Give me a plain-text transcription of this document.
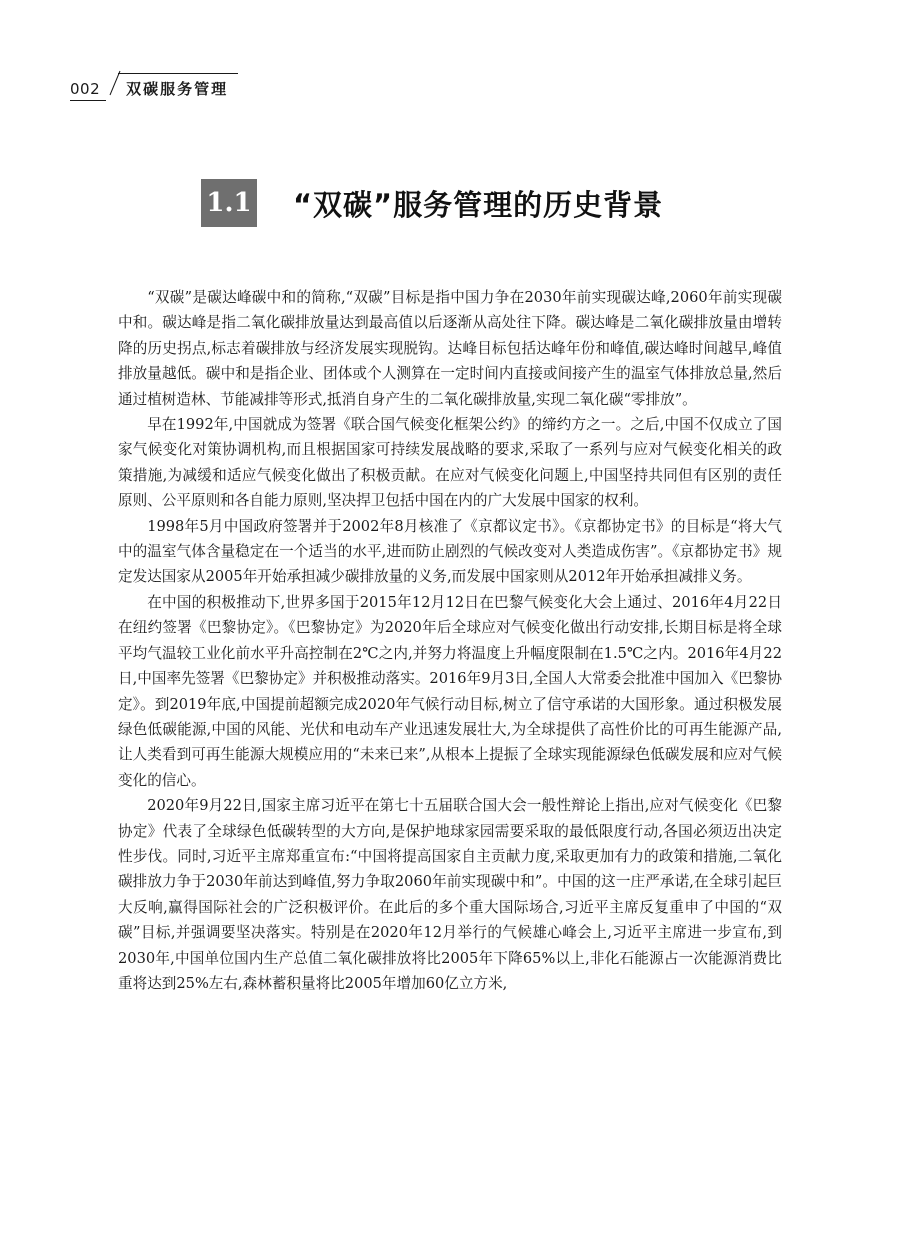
002	双碳服务管理
1.1 “双碳”服务管理的历史背景

“双碳”是碳达峰碳中和的简称,“双碳”目标是指中国力争在2030年前实现碳达峰,2060年前实现碳中和。碳达峰是指二氧化碳排放量达到最高值以后逐渐从高处往下降。碳达峰是二氧化碳排放量由增转降的历史拐点,标志着碳排放与经济发展实现脱钩。达峰目标包括达峰年份和峰值,碳达峰时间越早,峰值排放量越低。碳中和是指企业、团体或个人测算在一定时间内直接或间接产生的温室气体排放总量,然后通过植树造林、节能减排等形式,抵消自身产生的二氧化碳排放量,实现二氧化碳“零排放”。

早在1992年,中国就成为签署《联合国气候变化框架公约》的缔约方之一。之后,中国不仅成立了国家气候变化对策协调机构,而且根据国家可持续发展战略的要求,采取了一系列与应对气候变化相关的政策措施,为减缓和适应气候变化做出了积极贡献。在应对气候变化问题上,中国坚持共同但有区别的责任原则、公平原则和各自能力原则,坚决捍卫包括中国在内的广大发展中国家的权利。

1998年5月中国政府签署并于2002年8月核准了《京都议定书》。《京都协定书》的目标是“将大气中的温室气体含量稳定在一个适当的水平,进而防止剧烈的气候改变对人类造成伤害”。《京都协定书》规定发达国家从2005年开始承担减少碳排放量的义务,而发展中国家则从2012年开始承担减排义务。

在中国的积极推动下,世界多国于2015年12月12日在巴黎气候变化大会上通过、2016年4月22日在纽约签署《巴黎协定》。《巴黎协定》为2020年后全球应对气候变化做出行动安排,长期目标是将全球平均气温较工业化前水平升高控制在2℃之内,并努力将温度上升幅度限制在1.5℃之内。2016年4月22日,中国率先签署《巴黎协定》并积极推动落实。2016年9月3日,全国人大常委会批准中国加入《巴黎协定》。到2019年底,中国提前超额完成2020年气候行动目标,树立了信守承诺的大国形象。通过积极发展绿色低碳能源,中国的风能、光伏和电动车产业迅速发展壮大,为全球提供了高性价比的可再生能源产品,让人类看到可再生能源大规模应用的“未来已来”,从根本上提振了全球实现能源绿色低碳发展和应对气候变化的信心。

2020年9月22日,国家主席习近平在第七十五届联合国大会一般性辩论上指出,应对气候变化《巴黎协定》代表了全球绿色低碳转型的大方向,是保护地球家园需要采取的最低限度行动,各国必须迈出决定性步伐。同时,习近平主席郑重宣布:“中国将提高国家自主贡献力度,采取更加有力的政策和措施,二氧化碳排放力争于2030年前达到峰值,努力争取2060年前实现碳中和”。中国的这一庄严承诺,在全球引起巨大反响,赢得国际社会的广泛积极评价。在此后的多个重大国际场合,习近平主席反复重申了中国的“双碳”目标,并强调要坚决落实。特别是在2020年12月举行的气候雄心峰会上,习近平主席进一步宣布,到2030年,中国单位国内生产总值二氧化碳排放将比2005年下降65%以上,非化石能源占一次能源消费比重将达到25%左右,森林蓄积量将比2005年增加60亿立方米,
